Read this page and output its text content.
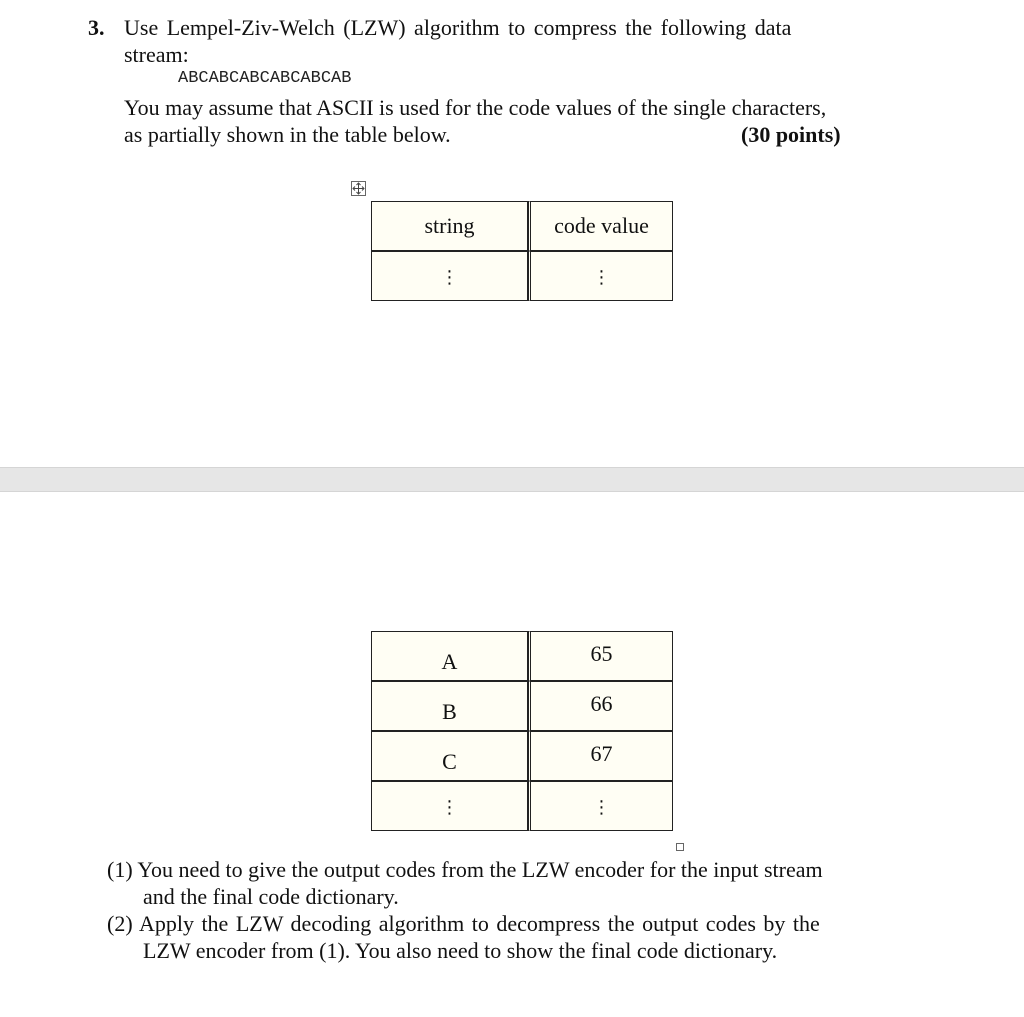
3. Use Lempel-Ziv-Welch (LZW) algorithm to compress the following data
stream:
ABCABCABCABCABCAB
You may assume that ASCII is used for the code values of the single characters,
as partially shown in the table below.	(30 points)
string	code value
⋮	⋮
A	65
B	66
C	67
⋮	⋮
(1) You need to give the output codes from the LZW encoder for the input stream
and the final code dictionary.
(2) Apply the LZW decoding algorithm to decompress the output codes by the
LZW encoder from (1). You also need to show the final code dictionary.
